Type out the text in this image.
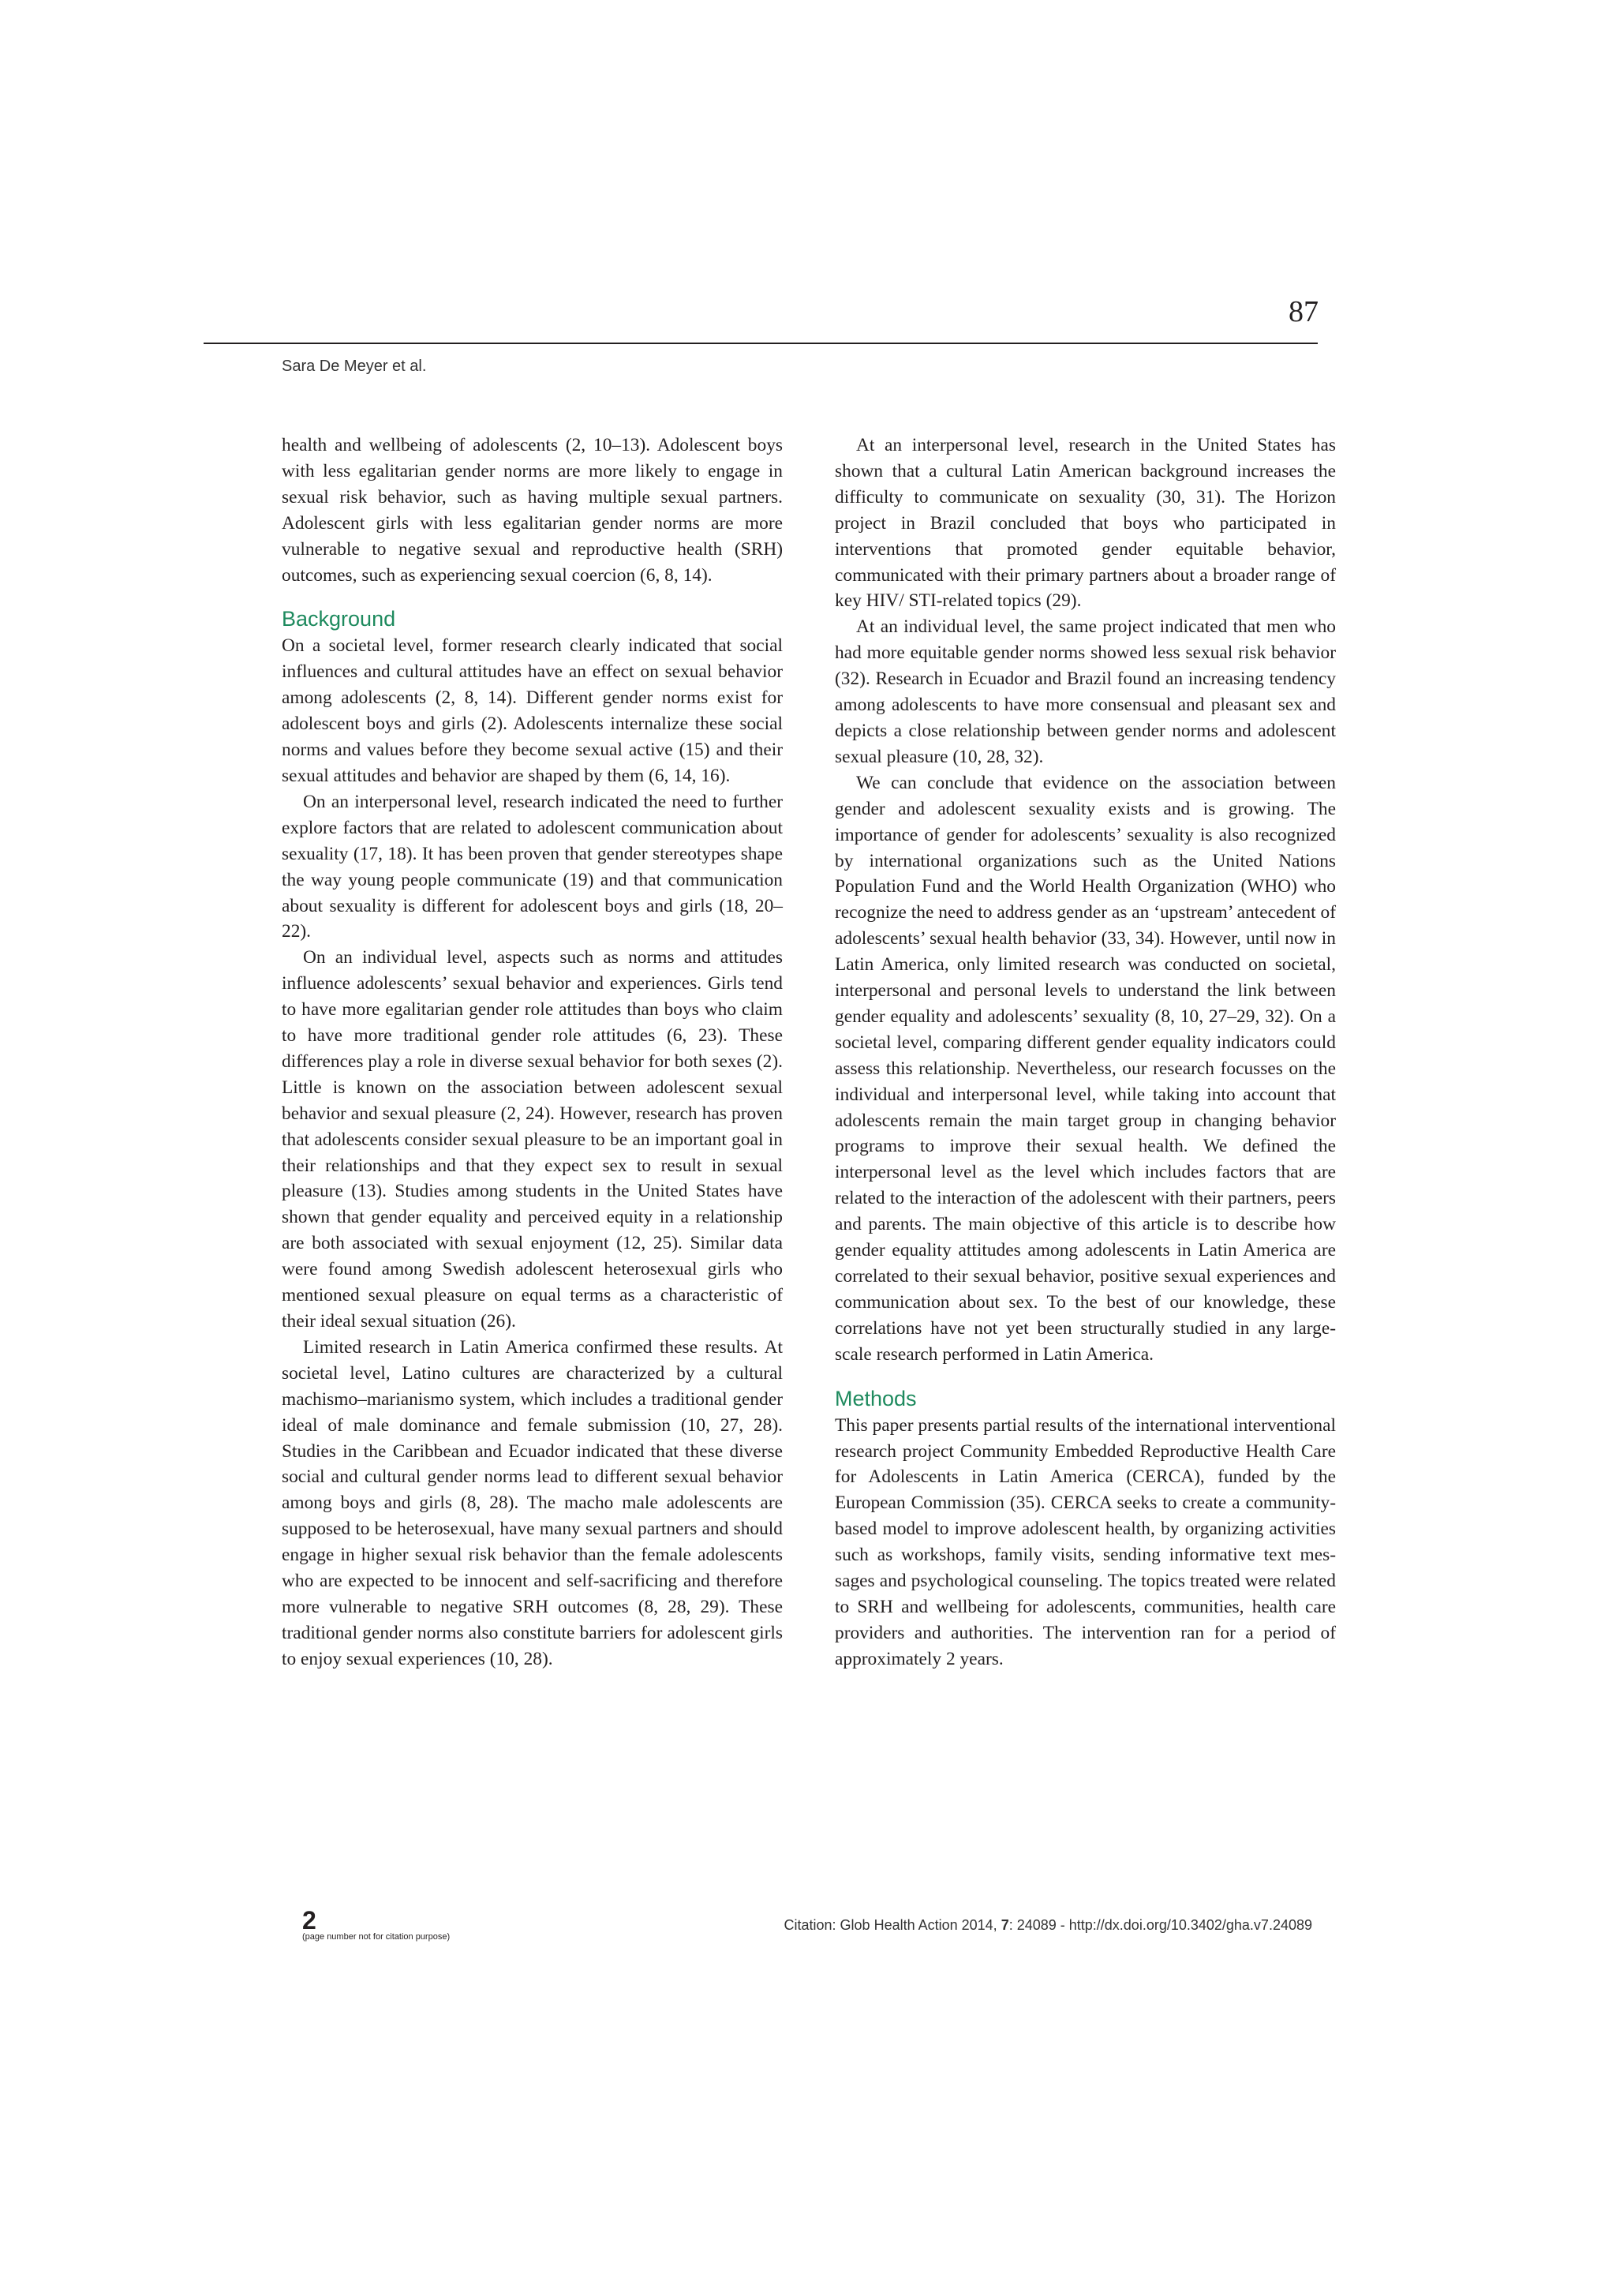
87
Sara De Meyer et al.

health and wellbeing of adolescents (2, 10–13). Adolescent boys with less egalitarian gender norms are more likely to engage in sexual risk behavior, such as having multiple sexual partners. Adolescent girls with less egalitarian gender norms are more vulnerable to negative sexual and reproductive health (SRH) outcomes, such as experiencing sexual coercion (6, 8, 14).

Background

On a societal level, former research clearly indicated that social influences and cultural attitudes have an effect on sexual behavior among adolescents (2, 8, 14). Different gender norms exist for adolescent boys and girls (2). Adolescents internalize these social norms and values before they become sexual active (15) and their sexual attitudes and behavior are shaped by them (6, 14, 16).

On an interpersonal level, research indicated the need to further explore factors that are related to adolescent communication about sexuality (17, 18). It has been proven that gender stereotypes shape the way young people communicate (19) and that communication about sexuality is different for adolescent boys and girls (18, 20–22).

On an individual level, aspects such as norms and attitudes influence adolescents’ sexual behavior and experiences. Girls tend to have more egalitarian gender role attitudes than boys who claim to have more traditional gender role attitudes (6, 23). These differences play a role in diverse sexual behavior for both sexes (2). Little is known on the association between adolescent sexual behavior and sexual pleasure (2, 24). However, research has proven that adolescents consider sexual pleasure to be an important goal in their relationships and that they expect sex to result in sexual pleasure (13). Studies among students in the United States have shown that gender equality and perceived equity in a relationship are both associated with sexual enjoyment (12, 25). Similar data were found among Swedish adolescent heterosexual girls who mentioned sexual pleasure on equal terms as a characteristic of their ideal sexual situation (26).

Limited research in Latin America confirmed these results. At societal level, Latino cultures are characterized by a cultural machismo–marianismo system, which includes a traditional gender ideal of male dominance and female submission (10, 27, 28). Studies in the Caribbean and Ecuador indicated that these diverse social and cultural gender norms lead to different sexual behavior among boys and girls (8, 28). The macho male adolescents are supposed to be heterosexual, have many sexual partners and should engage in higher sexual risk behavior than the female adolescents who are expected to be innocent and self-sacrificing and therefore more vulnerable to negative SRH outcomes (8, 28, 29). These traditional gender norms also constitute barriers for adolescent girls to enjoy sexual experiences (10, 28).

At an interpersonal level, research in the United States has shown that a cultural Latin American background increases the difficulty to communicate on sexuality (30, 31). The Horizon project in Brazil concluded that boys who participated in interventions that promoted gender equitable behavior, communicated with their primary partners about a broader range of key HIV/ STI-related topics (29).

At an individual level, the same project indicated that men who had more equitable gender norms showed less sexual risk behavior (32). Research in Ecuador and Brazil found an increasing tendency among adolescents to have more consensual and pleasant sex and depicts a close relationship between gender norms and adolescent sexual pleasure (10, 28, 32).

We can conclude that evidence on the association between gender and adolescent sexuality exists and is growing. The importance of gender for adolescents’ sexuality is also recognized by international organizations such as the United Nations Population Fund and the World Health Organization (WHO) who recognize the need to address gender as an ‘upstream’ antecedent of adolescents’ sexual health behavior (33, 34). However, until now in Latin America, only limited research was conducted on societal, interpersonal and personal levels to understand the link between gender equality and adolescents’ sexuality (8, 10, 27–29, 32). On a societal level, comparing different gender equality indicators could assess this relationship. Nevertheless, our research focusses on the individual and interpersonal level, while taking into account that adolescents remain the main target group in changing behavior programs to improve their sexual health. We defined the interpersonal level as the level which includes factors that are related to the interaction of the adolescent with their partners, peers and parents. The main objective of this article is to describe how gender equality attitudes among adolescents in Latin America are correlated to their sexual behavior, positive sexual experiences and communication about sex. To the best of our knowledge, these correlations have not yet been structurally studied in any large-scale research performed in Latin America.

Methods

This paper presents partial results of the international interventional research project Community Embedded Reproductive Health Care for Adolescents in Latin America (CERCA), funded by the European Commission (35). CERCA seeks to create a community-based model to improve adolescent health, by organizing activities such as workshops, family visits, sending informative text messages and psychological counseling. The topics treated were related to SRH and wellbeing for adolescents, communities, health care providers and authorities. The intervention ran for a period of approximately 2 years.

2
(page number not for citation purpose)
Citation: Glob Health Action 2014, 7: 24089 - http://dx.doi.org/10.3402/gha.v7.24089
